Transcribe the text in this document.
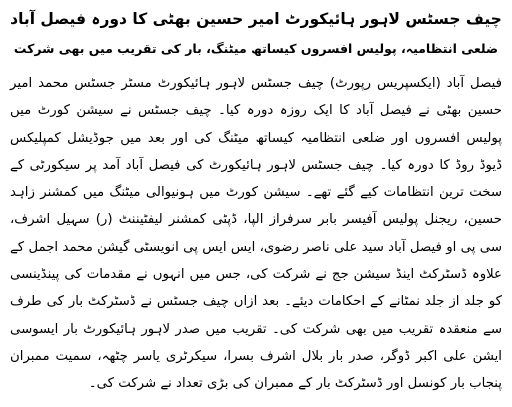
چیف جسٹس لاہور ہائیکورٹ امیر حسین بھٹی کا دورہ فیصل آباد
ضلعی انتظامیہ، پولیس افسروں کیساتھ میٹنگ، بار کی تقریب میں بھی شرکت

فیصل آباد (ایکسپریس رپورٹ) چیف جسٹس لاہور ہائیکورٹ مسٹر جسٹس محمد امیر حسین بھٹی نے فیصل آباد کا ایک روزہ دورہ کیا۔ چیف جسٹس نے سیشن کورٹ میں پولیس افسروں اور ضلعی انتظامیہ کیساتھ میٹنگ کی اور بعد میں جوڈیشل کمپلیکس ڈیوڈ روڈ کا دورہ کیا۔ چیف جسٹس لاہور ہائیکورٹ کی فیصل آباد آمد پر سیکورٹی کے سخت ترین انتظامات کیے گئے تھے۔ سیشن کورٹ میں ہونیوالی میٹنگ میں کمشنر زاہد حسین، ریجنل پولیس آفیسر بابر سرفراز الپا، ڈپٹی کمشنر لیفٹیننٹ (ر) سہیل اشرف، سی پی او فیصل آباد سید علی ناصر رضوی، ایس ایس پی انویسٹی گیشن محمد اجمل کے علاوہ ڈسٹرکٹ اینڈ سیشن جج نے شرکت کی، جس میں انہوں نے مقدمات کی پینڈینسی کو جلد از جلد نمٹانے کے احکامات دیئے۔ بعد ازاں چیف جسٹس نے ڈسٹرکٹ بار کی طرف سے منعقدہ تقریب میں بھی شرکت کی۔ تقریب میں صدر لاہور ہائیکورٹ بار ایسوسی ایشن علی اکبر ڈوگر، صدر بار بلال اشرف بسرا، سیکرٹری یاسر چٹھہ، سمیت ممبران پنجاب بار کونسل اور ڈسٹرکٹ بار کے ممبران کی بڑی تعداد نے شرکت کی۔
